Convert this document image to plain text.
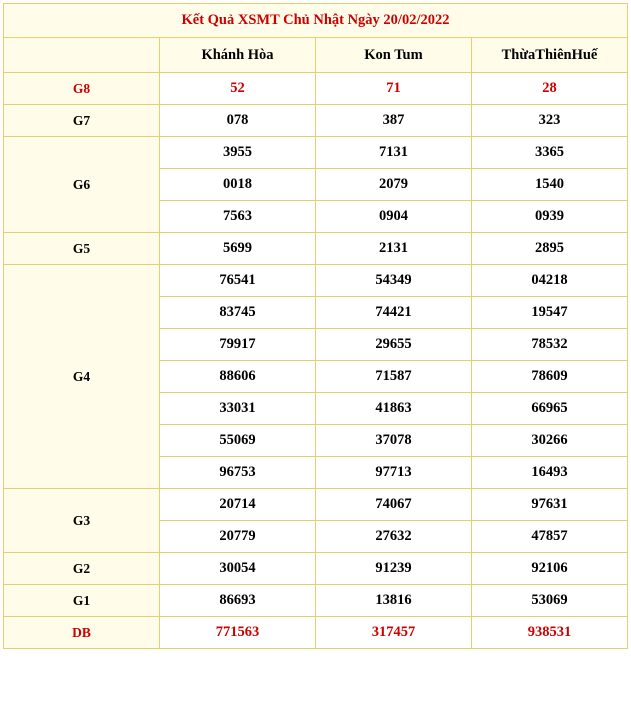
Kết Quả XSMT Chủ Nhật Ngày 20/02/2022			
	Khánh Hòa	Kon Tum	ThừaThiênHuế
G8	52	71	28
G7	078	387	323
G6	3955	7131	3365
	0018	2079	1540
	7563	0904	0939
G5	5699	2131	2895
G4	76541	54349	04218
	83745	74421	19547
	79917	29655	78532
	88606	71587	78609
	33031	41863	66965
	55069	37078	30266
	96753	97713	16493
G3	20714	74067	97631
	20779	27632	47857
G2	30054	91239	92106
G1	86693	13816	53069
DB	771563	317457	938531
